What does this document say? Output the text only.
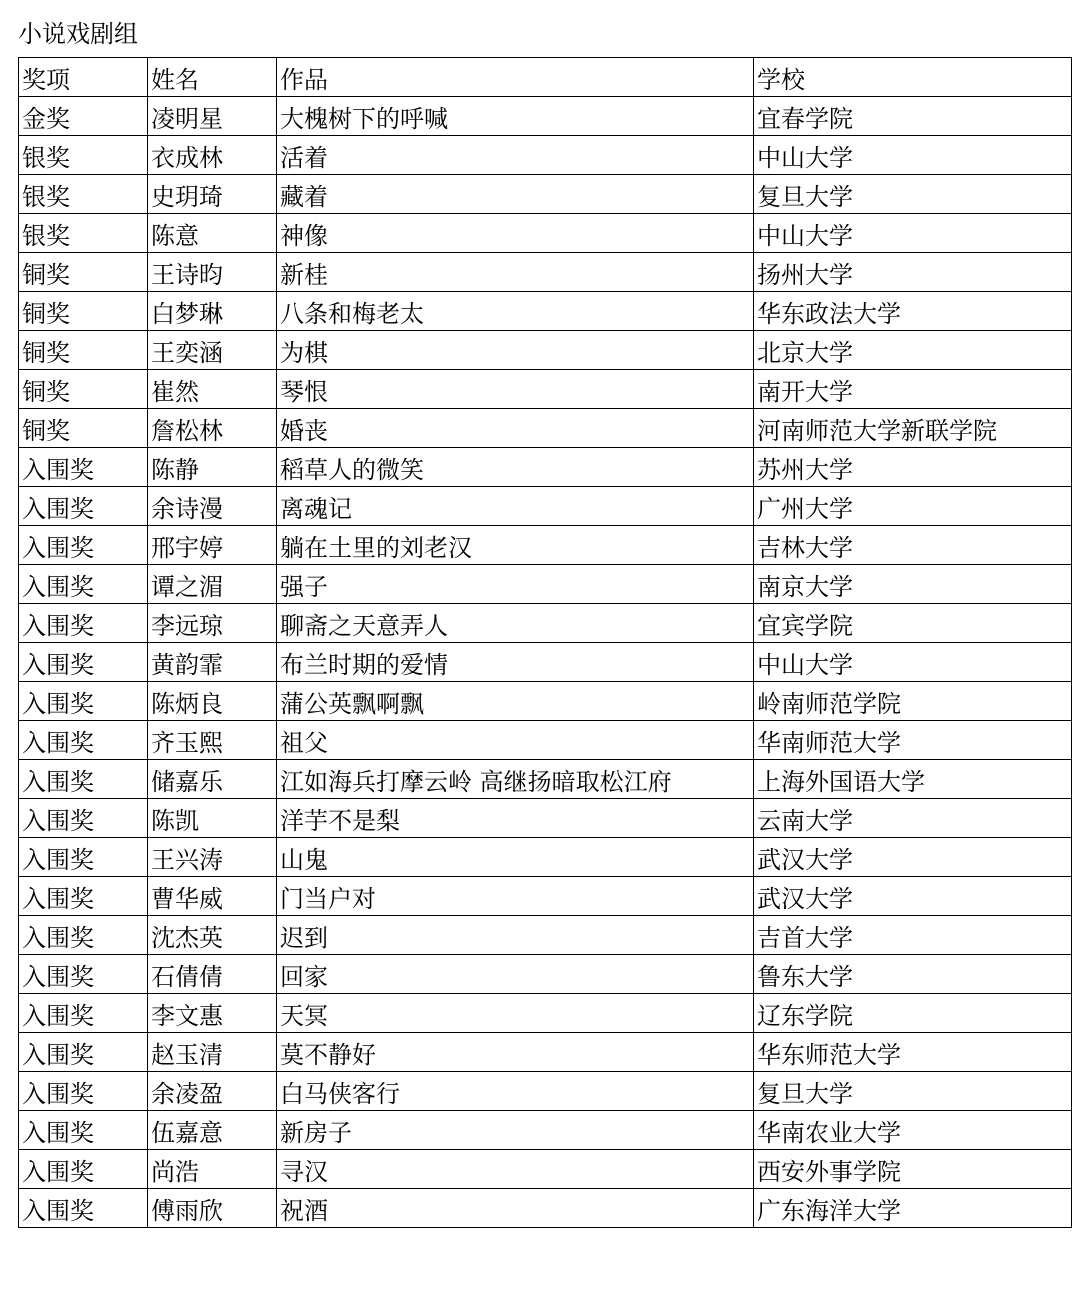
小说戏剧组
奖项	姓名	作品	学校
金奖	凌明星	大槐树下的呼喊	宜春学院
银奖	衣成林	活着	中山大学
银奖	史玥琦	藏着	复旦大学
银奖	陈意	神像	中山大学
铜奖	王诗昀	新桂	扬州大学
铜奖	白梦琳	八条和梅老太	华东政法大学
铜奖	王奕涵	为棋	北京大学
铜奖	崔然	琴恨	南开大学
铜奖	詹松林	婚丧	河南师范大学新联学院
入围奖	陈静	稻草人的微笑	苏州大学
入围奖	余诗漫	离魂记	广州大学
入围奖	邢宇婷	躺在土里的刘老汉	吉林大学
入围奖	谭之湄	强子	南京大学
入围奖	李远琼	聊斋之天意弄人	宜宾学院
入围奖	黄韵霏	布兰时期的爱情	中山大学
入围奖	陈炳良	蒲公英飘啊飘	岭南师范学院
入围奖	齐玉熙	祖父	华南师范大学
入围奖	储嘉乐	江如海兵打摩云岭 高继扬暗取松江府	上海外国语大学
入围奖	陈凯	洋芋不是梨	云南大学
入围奖	王兴涛	山鬼	武汉大学
入围奖	曹华威	门当户对	武汉大学
入围奖	沈杰英	迟到	吉首大学
入围奖	石倩倩	回家	鲁东大学
入围奖	李文惠	天冥	辽东学院
入围奖	赵玉清	莫不静好	华东师范大学
入围奖	余凌盈	白马侠客行	复旦大学
入围奖	伍嘉意	新房子	华南农业大学
入围奖	尚浩	寻汉	西安外事学院
入围奖	傅雨欣	祝酒	广东海洋大学
